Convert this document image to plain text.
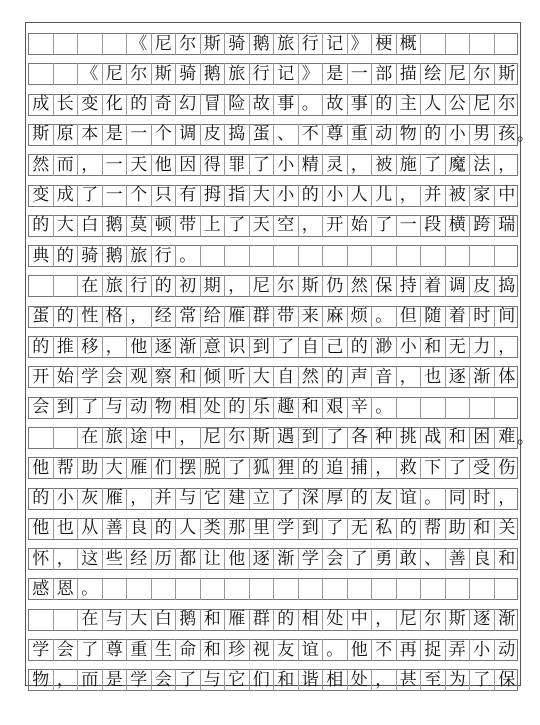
《 尼 尔 斯 骑 鹅 旅 行 记 》 梗 概
《 尼 尔 斯 骑 鹅 旅 行 记 》 是 一 部 描 绘 尼 尔 斯
成 长 变 化 的 奇 幻 冒 险 故 事 。 故 事 的 主 人 公 尼 尔
斯 原 本 是 一 个 调 皮 捣 蛋 、 不 尊 重 动 物 的 小 男 孩 。
然 而 ， 一 天 他 因 得 罪 了 小 精 灵 ， 被 施 了 魔 法 ，
变 成 了 一 个 只 有 拇 指 大 小 的 小 人 儿 ， 并 被 家 中
的 大 白 鹅 莫 顿 带 上 了 天 空 ， 开 始 了 一 段 横 跨 瑞
典 的 骑 鹅 旅 行 。
在 旅 行 的 初 期 ， 尼 尔 斯 仍 然 保 持 着 调 皮 捣
蛋 的 性 格 ， 经 常 给 雁 群 带 来 麻 烦 。 但 随 着 时 间
的 推 移 ， 他 逐 渐 意 识 到 了 自 己 的 渺 小 和 无 力 ，
开 始 学 会 观 察 和 倾 听 大 自 然 的 声 音 ， 也 逐 渐 体
会 到 了 与 动 物 相 处 的 乐 趣 和 艰 辛 。
在 旅 途 中 ， 尼 尔 斯 遇 到 了 各 种 挑 战 和 困 难 。
他 帮 助 大 雁 们 摆 脱 了 狐 狸 的 追 捕 ， 救 下 了 受 伤
的 小 灰 雁 ， 并 与 它 建 立 了 深 厚 的 友 谊 。 同 时 ，
他 也 从 善 良 的 人 类 那 里 学 到 了 无 私 的 帮 助 和 关
怀 ， 这 些 经 历 都 让 他 逐 渐 学 会 了 勇 敢 、 善 良 和
感 恩 。
在 与 大 白 鹅 和 雁 群 的 相 处 中 ， 尼 尔 斯 逐 渐
学 会 了 尊 重 生 命 和 珍 视 友 谊 。 他 不 再 捉 弄 小 动
物 ， 而 是 学 会 了 与 它 们 和 谐 相 处 ， 甚 至 为 了 保
